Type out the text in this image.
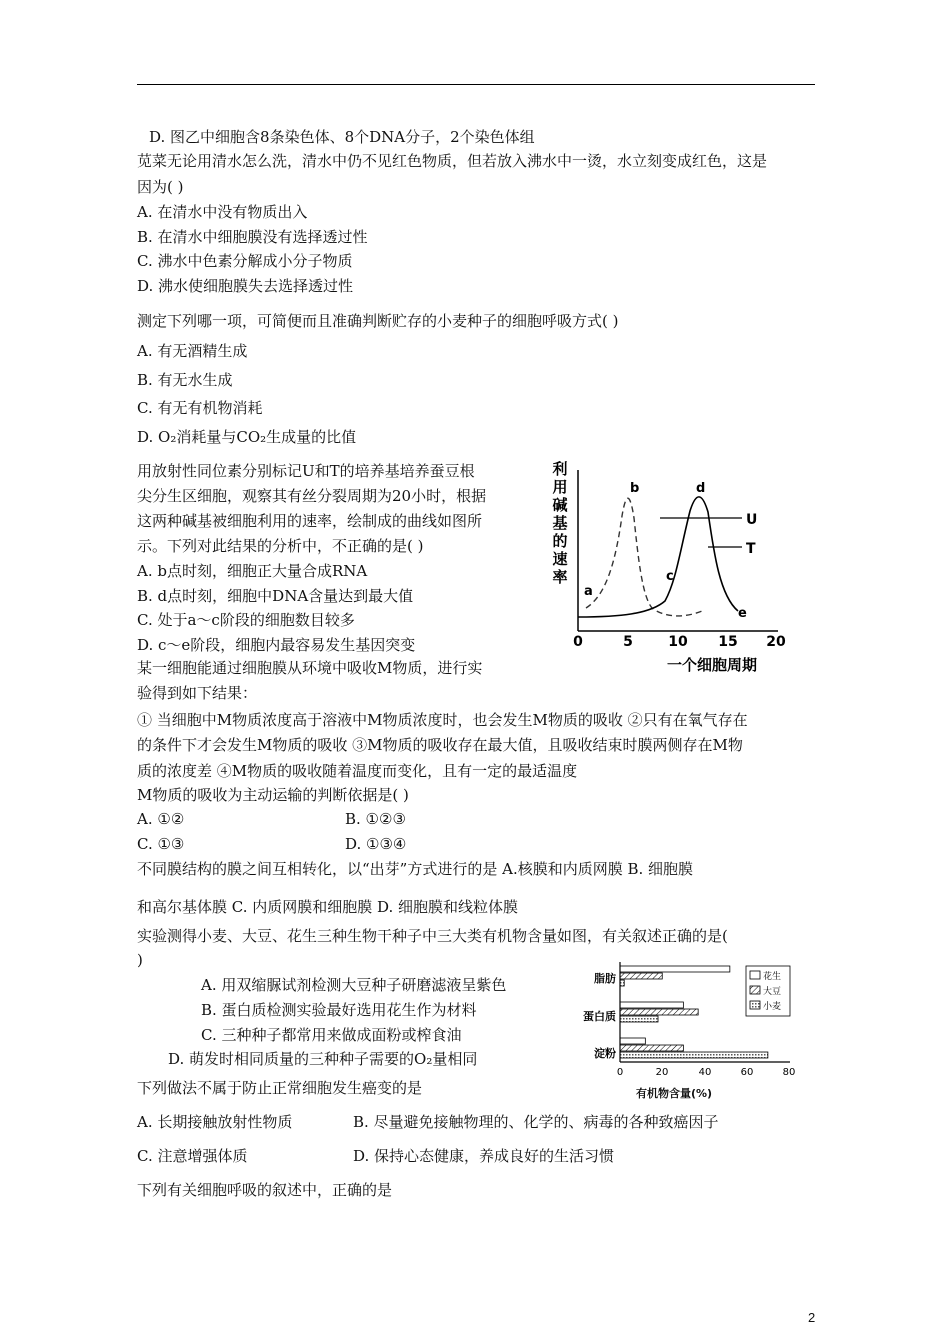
D. 图乙中细胞含8条染色体、8个DNA分子，2个染色体组
苋菜无论用清水怎么洗，清水中仍不见红色物质，但若放入沸水中一烫，水立刻变成红色，这是
因为( )
A. 在清水中没有物质出入
B. 在清水中细胞膜没有选择透过性
C. 沸水中色素分解成小分子物质
D. 沸水使细胞膜失去选择透过性
测定下列哪一项，可简便而且准确判断贮存的小麦种子的细胞呼吸方式( )
A. 有无酒精生成
B. 有无水生成
C. 有无有机物消耗
D. O₂消耗量与CO₂生成量的比值
用放射性同位素分别标记U和T的培养基培养蚕豆根
尖分生区细胞，观察其有丝分裂周期为20小时，根据
这两种碱基被细胞利用的速率，绘制成的曲线如图所
示。下列对此结果的分析中，不正确的是( )
A. b点时刻，细胞正大量合成RNA
B. d点时刻，细胞中DNA含量达到最大值
C. 处于a～c阶段的细胞数目较多
D. c～e阶段，细胞内最容易发生基因突变
利
用
碱
基
的
速
率
U
T
a
b
c
d
e
0	5	10 15 20
一个细胞周期
某一细胞能通过细胞膜从环境中吸收M物质，进行实
验得到如下结果：
① 当细胞中M物质浓度高于溶液中M物质浓度时，也会发生M物质的吸收 ②只有在氧气存在
的条件下才会发生M物质的吸收 ③M物质的吸收存在最大值，且吸收结束时膜两侧存在M物
质的浓度差 ④M物质的吸收随着温度而变化，且有一定的最适温度
M物质的吸收为主动运输的判断依据是( )
A. ①②	B. ①②③
C. ①③	D. ①③④
不同膜结构的膜之间互相转化，以“出芽”方式进行的是 A.核膜和内质网膜 B. 细胞膜
和高尔基体膜 C. 内质网膜和细胞膜 D. 细胞膜和线粒体膜
实验测得小麦、大豆、花生三种生物干种子中三大类有机物含量如图，有关叙述正确的是(
)
A. 用双缩脲试剂检测大豆种子研磨滤液呈紫色
B. 蛋白质检测实验最好选用花生作为材料
C. 三种种子都常用来做成面粉或榨食油
D. 萌发时相同质量的三种种子需要的O₂量相同
脂肪
蛋白质
淀粉
0	20	40	60	80
花生
大豆
小麦
有机物含量(%)
下列做法不属于防止正常细胞发生癌变的是
A. 长期接触放射性物质	B. 尽量避免接触物理的、化学的、病毒的各种致癌因子
C. 注意增强体质	D. 保持心态健康，养成良好的生活习惯
下列有关细胞呼吸的叙述中，正确的是
2
